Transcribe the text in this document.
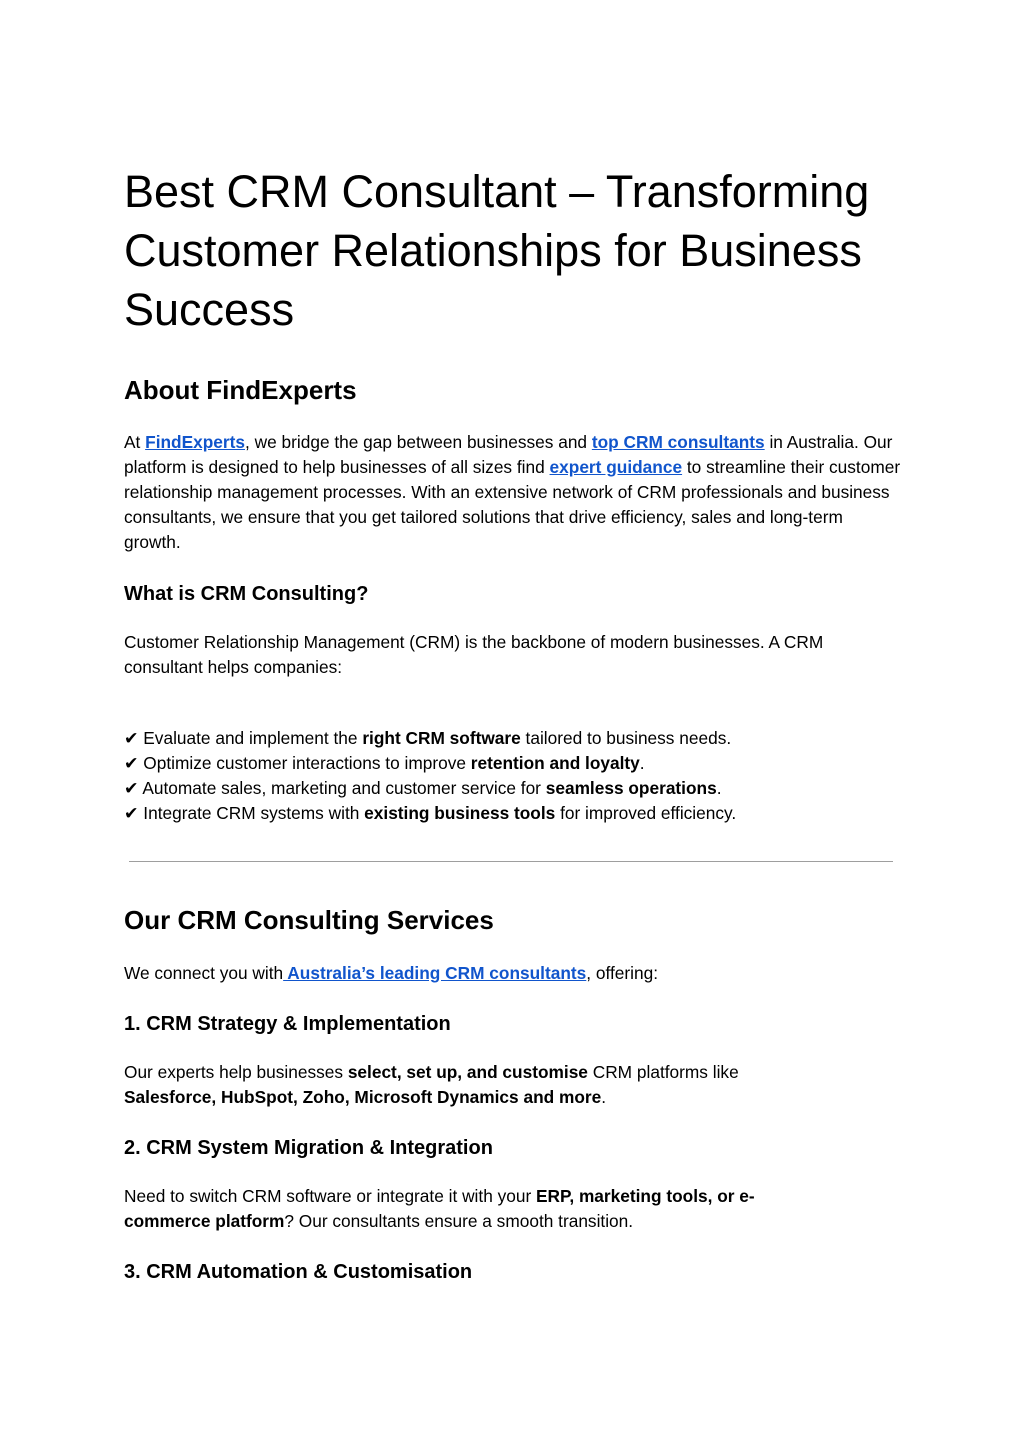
Best CRM Consultant – Transforming Customer Relationships for Business Success
About FindExperts

At FindExperts, we bridge the gap between businesses and top CRM consultants in Australia. Our platform is designed to help businesses of all sizes find expert guidance to streamline their customer relationship management processes. With an extensive network of CRM professionals and business consultants, we ensure that you get tailored solutions that drive efficiency, sales and long-term growth.

What is CRM Consulting?

Customer Relationship Management (CRM) is the backbone of modern businesses. A CRM consultant helps companies:

✔ Evaluate and implement the right CRM software tailored to business needs.
✔ Optimize customer interactions to improve retention and loyalty.
✔ Automate sales, marketing and customer service for seamless operations.
✔ Integrate CRM systems with existing business tools for improved efficiency.
Our CRM Consulting Services

We connect you with Australia’s leading CRM consultants, offering:

1. CRM Strategy & Implementation

Our experts help businesses select, set up, and customise CRM platforms like Salesforce, HubSpot, Zoho, Microsoft Dynamics and more.

2. CRM System Migration & Integration

Need to switch CRM software or integrate it with your ERP, marketing tools, or e-commerce platform? Our consultants ensure a smooth transition.

3. CRM Automation & Customisation
